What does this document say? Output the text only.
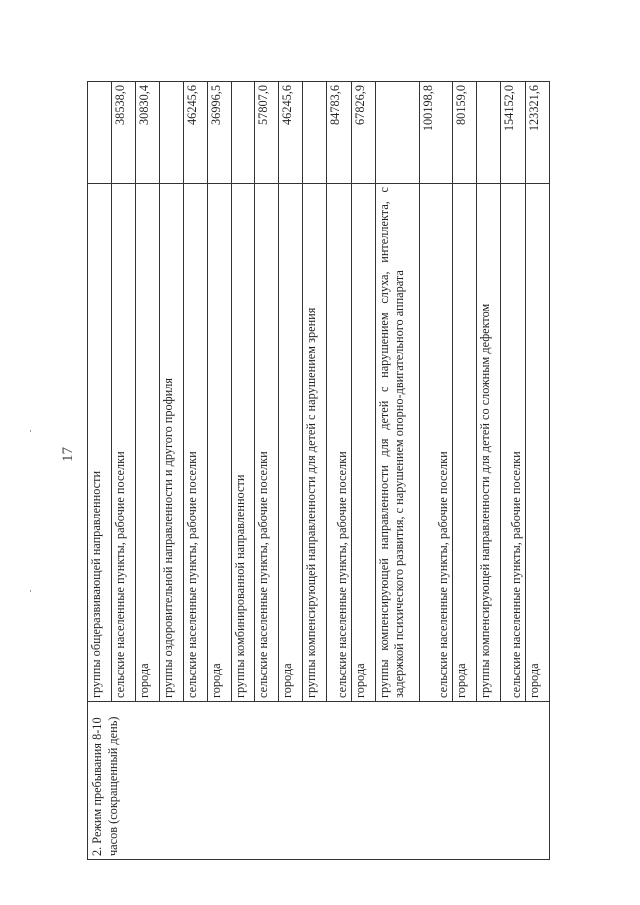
17
2. Режим пребывания 8-10 часов (сокращенный день)	группы общеразвивающей направленности	
	сельские населенные пункты, рабочие поселки	38538,0
	города	30830,4
	группы оздоровительной направленности и другого профиля	
	сельские населенные пункты, рабочие поселки	46245,6
	города	36996,5
	группы комбинированной направленности	
	сельские населенные пункты, рабочие поселки	57807,0
	города	46245,6
	группы компенсирующей направленности для детей с нарушением зрения	
	сельские населенные пункты, рабочие поселки	84783,6
	города	67826,9
	группы компенсирующей направленности для детей с нарушением слуха, интеллекта, с задержкой психического развития, с нарушением опорно-двигательного аппарата	
	сельские населенные пункты, рабочие поселки	100198,8
	города	80159,0
	группы компенсирующей направленности для детей со сложным дефектом	
	сельские населенные пункты, рабочие поселки	154152,0
	города	123321,6
